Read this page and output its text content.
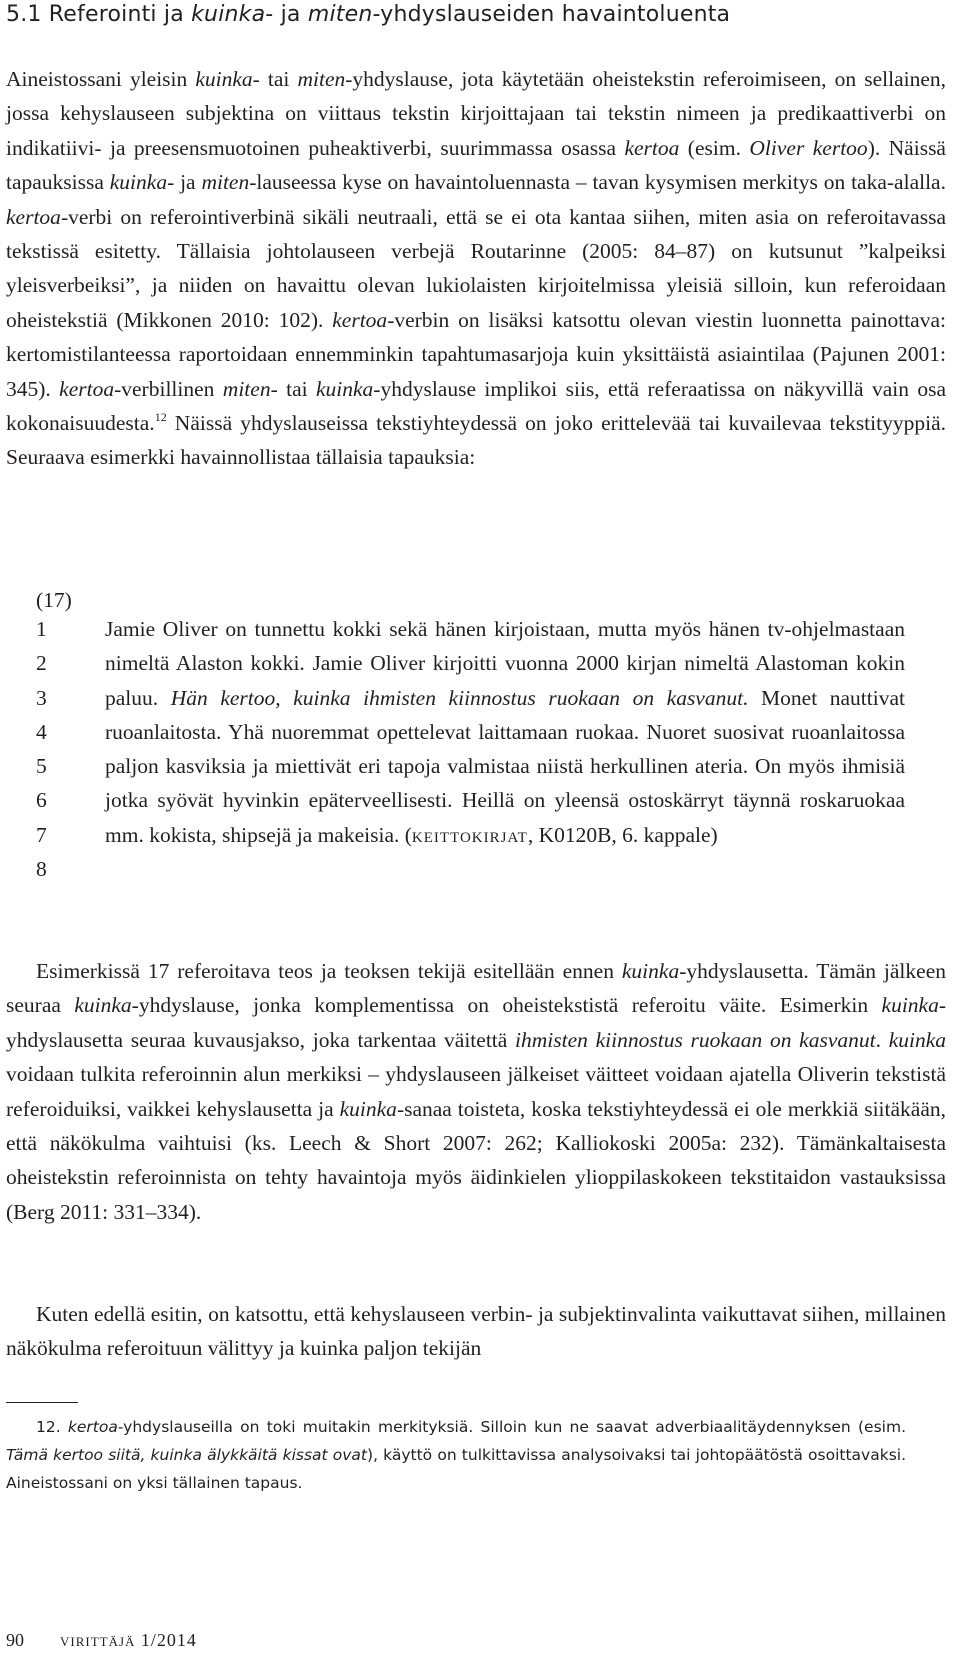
5.1 Referointi ja kuinka- ja miten-yhdyslauseiden havaintoluenta

Aineistossani yleisin kuinka- tai miten-yhdyslause, jota käytetään oheistekstin referoimiseen, on sellainen, jossa kehyslauseen subjektina on viittaus tekstin kirjoittajaan tai tekstin nimeen ja predikaattiverbi on indikatiivi- ja preesensmuotoinen puheaktiverbi, suurimmassa osassa kertoa (esim. Oliver kertoo). Näissä tapauksissa kuinka- ja miten-lauseessa kyse on havaintoluennasta – tavan kysymisen merkitys on taka-alalla. kertoa-verbi on referointiverbinä sikäli neutraali, että se ei ota kantaa siihen, miten asia on referoitavassa tekstissä esitetty. Tällaisia johtolauseen verbejä Routarinne (2005: 84–87) on kutsunut ”kalpeiksi yleisverbeiksi”, ja niiden on havaittu olevan lukiolaisten kirjoitelmissa yleisiä silloin, kun referoidaan oheistekstiä (Mikkonen 2010: 102). kertoa-verbin on lisäksi katsottu olevan viestin luonnetta painottava: kertomistilanteessa raportoidaan ennemminkin tapahtumasarjoja kuin yksittäistä asiaintilaa (Pajunen 2001: 345). kertoa-verbillinen miten- tai kuinka-yhdyslause implikoi siis, että referaatissa on näkyvillä vain osa kokonaisuudesta.$^{12}$ Näissä yhdyslauseissa tekstiyhteydessä on joko erittelevää tai kuvailevaa tekstityyppiä. Seuraava esimerkki havainnollistaa tällaisia tapauksia:

(17)
1
2
3
4
5
6
7
8

Jamie Oliver on tunnettu kokki sekä hänen kirjoistaan, mutta myös hänen tv-ohjelmastaan nimeltä Alaston kokki. Jamie Oliver kirjoitti vuonna 2000 kirjan nimeltä Alastoman kokin paluu. Hän kertoo, kuinka ihmisten kiinnostus ruokaan on kasvanut. Monet nauttivat ruoanlaitosta. Yhä nuoremmat opettelevat laittamaan ruokaa. Nuoret suosivat ruoanlaitossa paljon kasviksia ja miettivät eri tapoja valmistaa niistä herkullinen ateria. On myös ihmisiä jotka syövät hyvinkin epäterveellisesti. Heillä on yleensä ostoskärryt täynnä roskaruokaa mm. kokista, shipsejä ja makeisia. (keittokirjat, K0120B, 6. kappale)

Esimerkissä 17 referoitava teos ja teoksen tekijä esitellään ennen kuinka-yhdyslausetta. Tämän jälkeen seuraa kuinka-yhdyslause, jonka komplementissa on oheistekstistä referoitu väite. Esimerkin kuinka-yhdyslausetta seuraa kuvausjakso, joka tarkentaa väitettä ihmisten kiinnostus ruokaan on kasvanut. kuinka voidaan tulkita referoinnin alun merkiksi – yhdyslauseen jälkeiset väitteet voidaan ajatella Oliverin tekstistä referoiduiksi, vaikkei kehyslausetta ja kuinka-sanaa toisteta, koska tekstiyhteydessä ei ole merkkiä siitäkään, että näkökulma vaihtuisi (ks. Leech & Short 2007: 262; Kalliokoski 2005a: 232). Tämänkaltaisesta oheistekstin referoinnista on tehty havaintoja myös äidinkielen ylioppilaskokeen tekstitaidon vastauksissa (Berg 2011: 331–334).

Kuten edellä esitin, on katsottu, että kehyslauseen verbin- ja subjektinvalinta vaikuttavat siihen, millainen näkökulma referoituun välittyy ja kuinka paljon tekijän

12. kertoa-yhdyslauseilla on toki muitakin merkityksiä. Silloin kun ne saavat adverbiaalitäydennyksen (esim. Tämä kertoo siitä, kuinka älykkäitä kissat ovat), käyttö on tulkittavissa analysoivaksi tai johtopäätöstä osoittavaksi. Aineistossani on yksi tällainen tapaus.

90 virittäjä 1/2014
